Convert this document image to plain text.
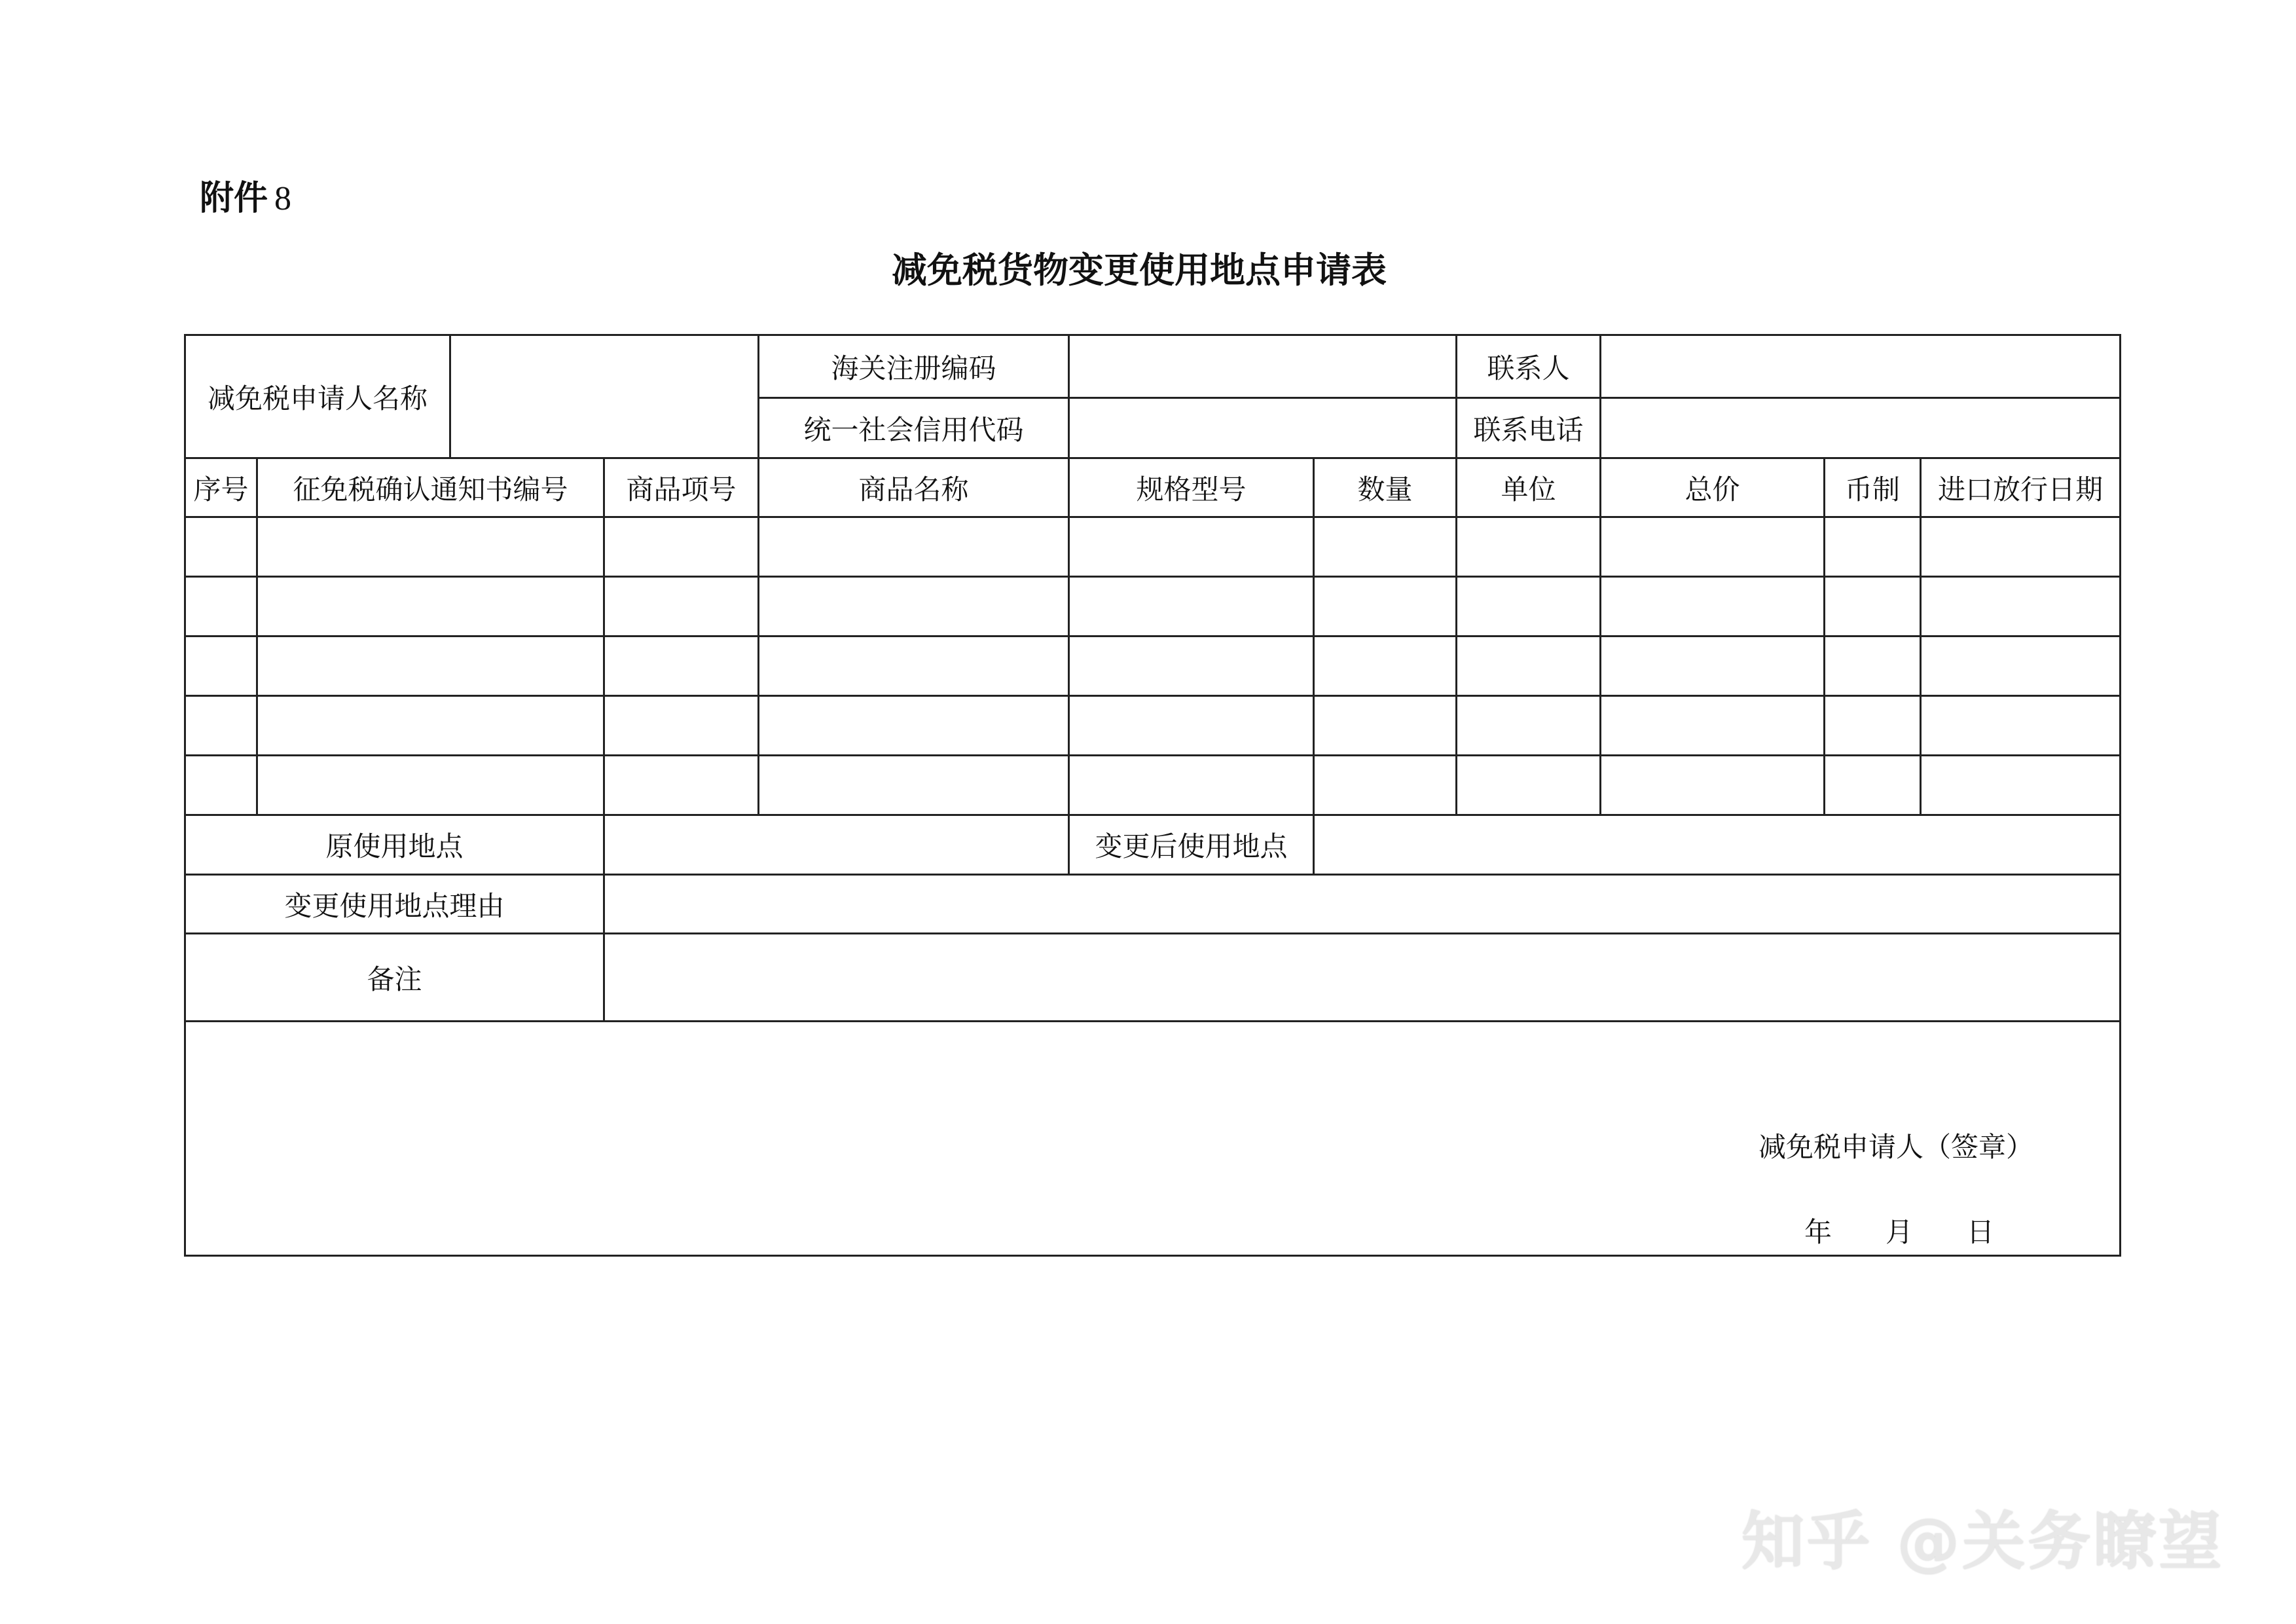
附件 8
减免税货物变更使用地点申请表
减免税申请人名称				海关注册编码			联系人			
				统一社会信用代码			联系电话			
序号	征免税确认通知书编号		商品项号	商品名称	规格型号	数量	单位	总价	币制	进口放行日期

原使用地点					变更后使用地点					
变更使用地点理由										
备注										

减免税申请人（签章）
年 月 日										
知乎 @关务瞭望
